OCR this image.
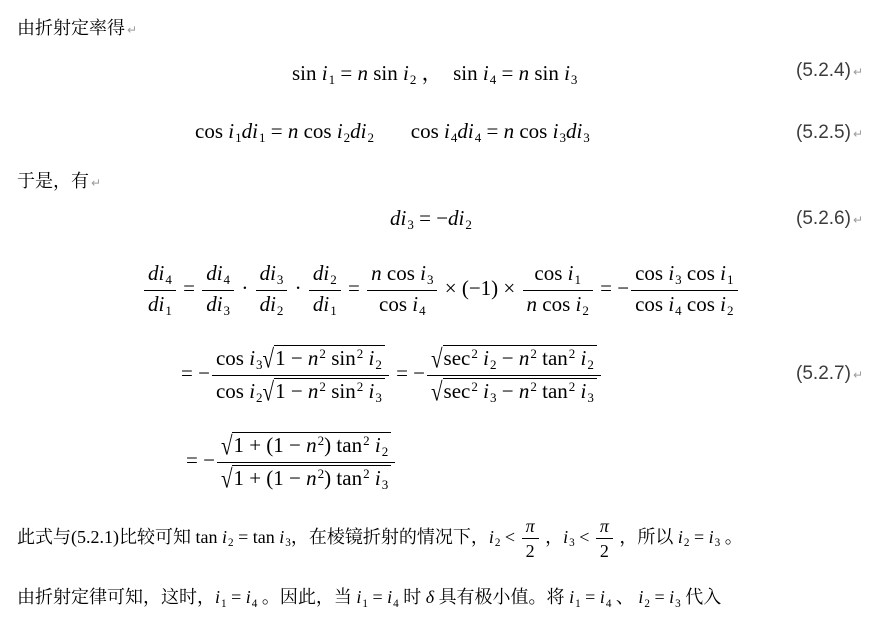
由折射定率得 ↵
sin i1 = n sin i2 ，  sin i4 = n sin i3	(5.2.4) ↵
cos i1di1 = n cos i2di2 cos i4di4 = n cos i3di3	(5.2.5) ↵
于是，有 ↵
di3 = −di2	(5.2.6) ↵
$\frac{di4}{di1} = \frac{di4}{di3} \cdot \frac{di3}{di2} \cdot \frac{di2}{di1} = \frac{\text{n cos i3}}{\text{cos i4}} \times (-1) \times \frac{\text{cos i1}}{\text{n cos i2}}$ = − $\frac{\text{cos i3 cos i1}}{\text{cos i4 cos i2}}$
= − $\frac{\cos i3√1 - n^2 \sin^2 i2}{\cos i2√1 - n^2 \sin^2 i3}$ = − $\frac{√\sec^2 i2 - n^2 \tan^2 i2}{√\sec^2 i3 - n^2 \tan^2 i3}$	(5.2.7) ↵
= − $\frac{√1 + (1 - n^2) \tan^2 i2}{√1 + (1 - n^2) \tan^2 i3}$
此式与(5.2.1)比较可知 tan i2 = tan i3，在棱镜折射的情况下，$i2 < \frac{\pi}{2}$ ，$i3 < \frac{\pi}{2}$ ，所以 i2 = i3 。
由折射定律可知，这时，i1 = i4 。因此，当 i1 = i4 时 δ 具有极小值。将 i1 = i4 、 i2 = i3 代入
